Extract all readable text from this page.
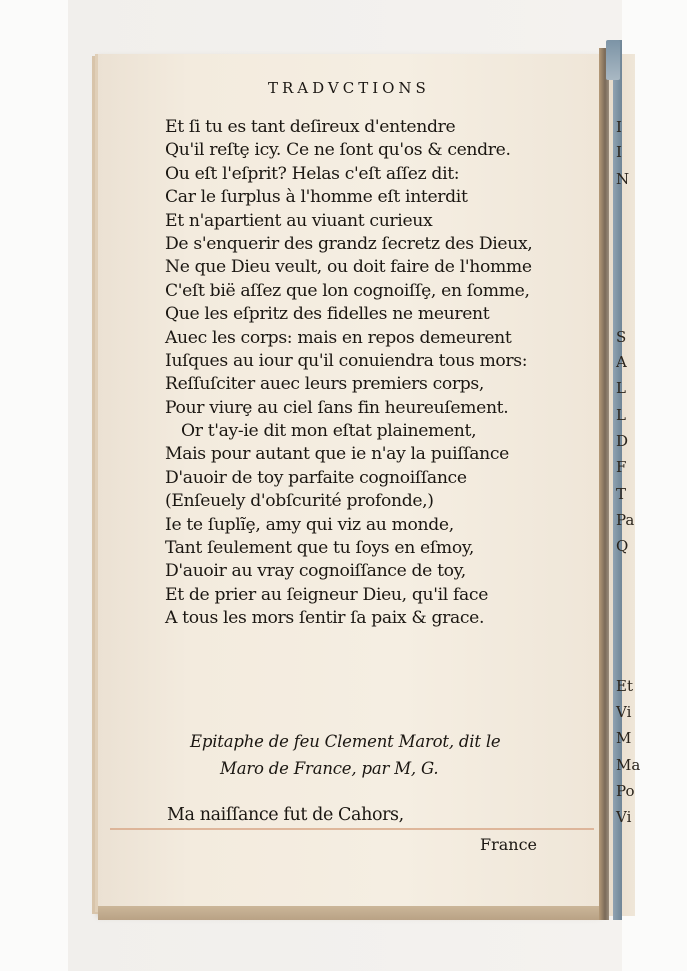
TRADVCTIONS
Et ſi tu es tant deſireux d'entendre
Qu'il reſtȩ icy. Ce ne ſont qu'os & cendre.
Ou eſt l'eſprit? Helas c'eſt aſſez dit:
Car le ſurplus à l'homme eſt interdit
Et n'apartient au viuant curieux
De s'enquerir des grandz ſecretz des Dieux,
Ne que Dieu veult, ou doit faire de l'homme
C'eſt bië aſſez que lon cognoiſſȩ, en ſomme,
Que les eſpritz des fidelles ne meurent
Auec les corps: mais en repos demeurent
Iuſques au iour qu'il conuiendra tous mors:
Reſſuſciter auec leurs premiers corps,
Pour viurȩ au ciel ſans fin heureuſement.
Or t'ay-ie dit mon eſtat plainement,
Mais pour autant que ie n'ay la puiſſance
D'auoir de toy parfaite cognoiſſance
(Enſeuely d'obſcurité profonde,)
Ie te ſuplĩȩ, amy qui viz au monde,
Tant ſeulement que tu ſoys en eſmoy,
D'auoir au vray cognoiſſance de toy,
Et de prier au ſeigneur Dieu, qu'il face
A tous les mors ſentir ſa paix & grace.
Epitaphe de feu Clement Marot, dit le
Maro de France, par M, G.
Ma naiſſance fut de Cahors,
France
I
I
N
S
A
L
L
D
F
T
Pa
Q
Et
Vi
M
Ma
Po
Vi
